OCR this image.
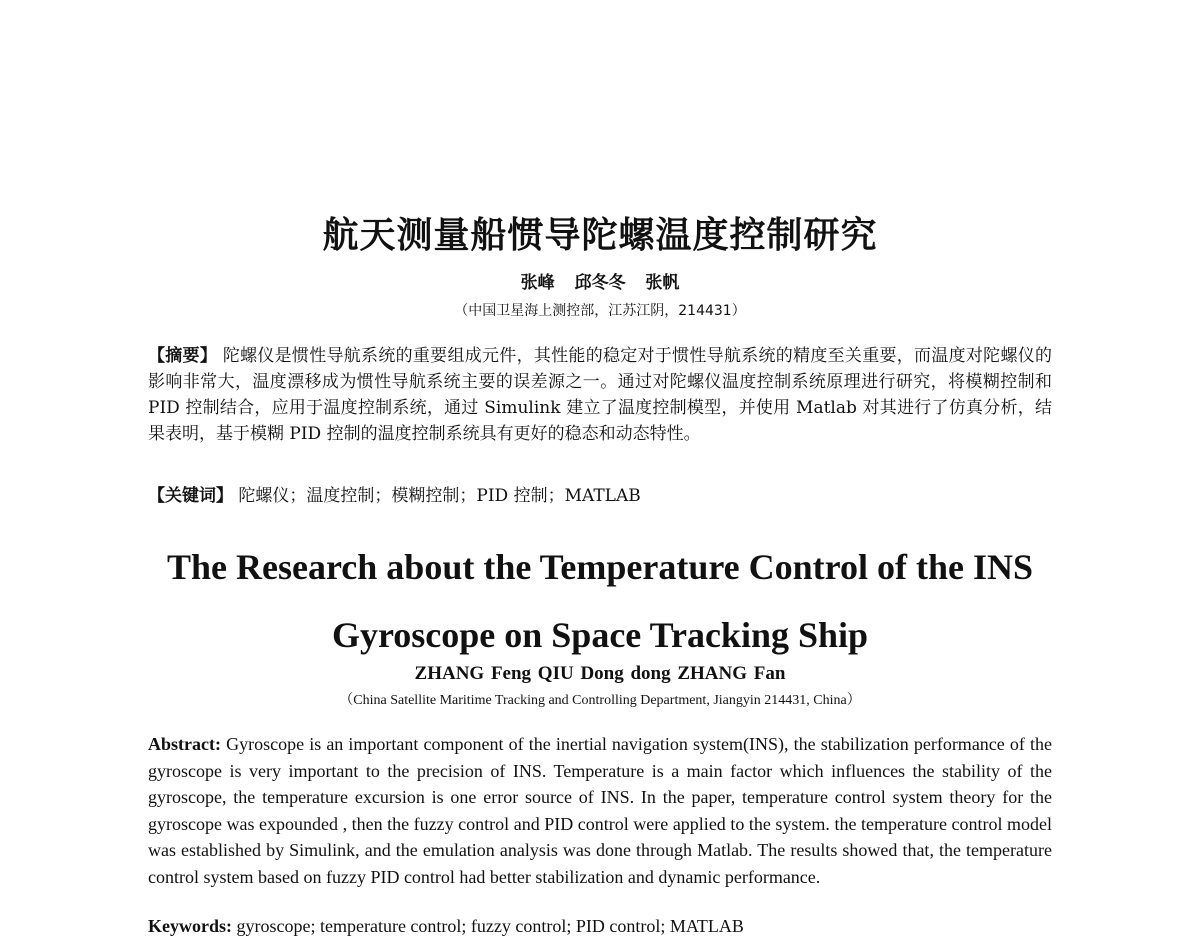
航天测量船惯导陀螺温度控制研究
张峰 邱冬冬 张帆
（中国卫星海上测控部，江苏江阴，214431）
【摘要】 陀螺仪是惯性导航系统的重要组成元件，其性能的稳定对于惯性导航系统的精度至关重要，而温度对陀螺仪的影响非常大，温度漂移成为惯性导航系统主要的误差源之一。通过对陀螺仪温度控制系统原理进行研究，将模糊控制和 PID 控制结合，应用于温度控制系统，通过 Simulink 建立了温度控制模型，并使用 Matlab 对其进行了仿真分析，结果表明，基于模糊 PID 控制的温度控制系统具有更好的稳态和动态特性。
【关键词】 陀螺仪；温度控制；模糊控制；PID 控制；MATLAB
The Research about the Temperature Control of the INS
Gyroscope on Space Tracking Ship
ZHANG Feng QIU Dong dong ZHANG Fan
（China Satellite Maritime Tracking and Controlling Department, Jiangyin 214431, China）
Abstract: Gyroscope is an important component of the inertial navigation system(INS), the stabilization performance of the gyroscope is very important to the precision of INS. Temperature is a main factor which influences the stability of the gyroscope, the temperature excursion is one error source of INS. In the paper, temperature control system theory for the gyroscope was expounded , then the fuzzy control and PID control were applied to the system. the temperature control model was established by Simulink, and the emulation analysis was done through Matlab. The results showed that, the temperature control system based on fuzzy PID control had better stabilization and dynamic performance.
Keywords: gyroscope; temperature control; fuzzy control; PID control; MATLAB
